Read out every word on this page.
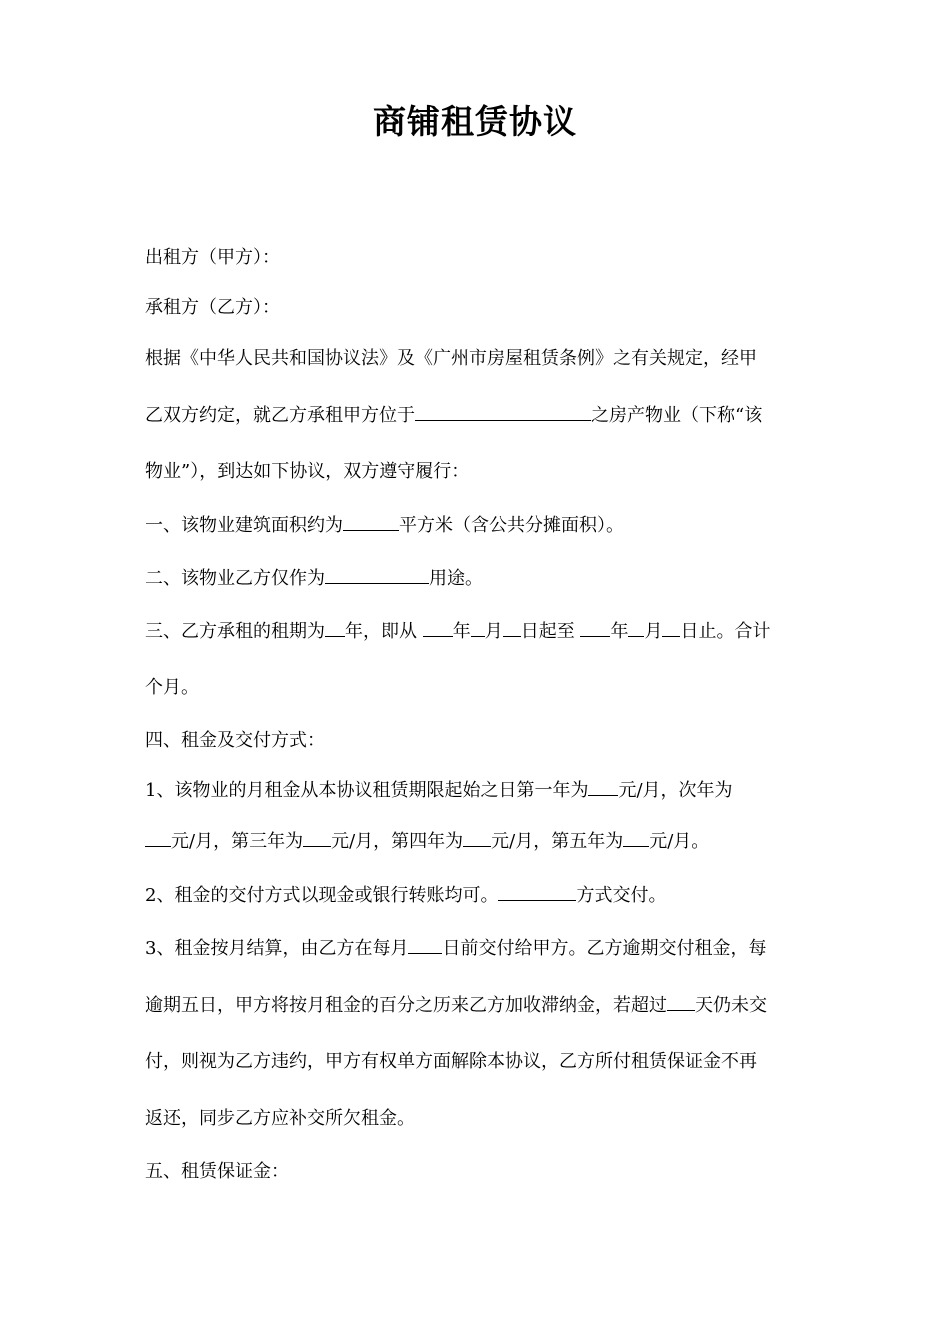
商铺租赁协议
出租方（甲方）：
承租方（乙方）：
根据《中华人民共和国协议法》及《广州市房屋租赁条例》之有关规定，经甲
乙双方约定，就乙方承租甲方位于	之房产物业（下称“该
物业”），到达如下协议，双方遵守履行：
一、该物业建筑面积约为	平方米（含公共分摊面积）。
二、该物业乙方仅作为	用途。
三、乙方承租的租期为 年，即从 年 月 日起至 年 月 日止。合计
个月。
四、租金及交付方式：
1、该物业的月租金从本协议租赁期限起始之日第一年为 元/月，次年为
元/月，第三年为 元/月，第四年为 元/月，第五年为 元/月。
2、租金的交付方式以现金或银行转账均可。	方式交付。
3、租金按月结算，由乙方在每月 日前交付给甲方。乙方逾期交付租金，每
逾期五日，甲方将按月租金的百分之历来乙方加收滞纳金，若超过 天仍未交
付，则视为乙方违约，甲方有权单方面解除本协议，乙方所付租赁保证金不再
返还，同步乙方应补交所欠租金。
五、租赁保证金：
